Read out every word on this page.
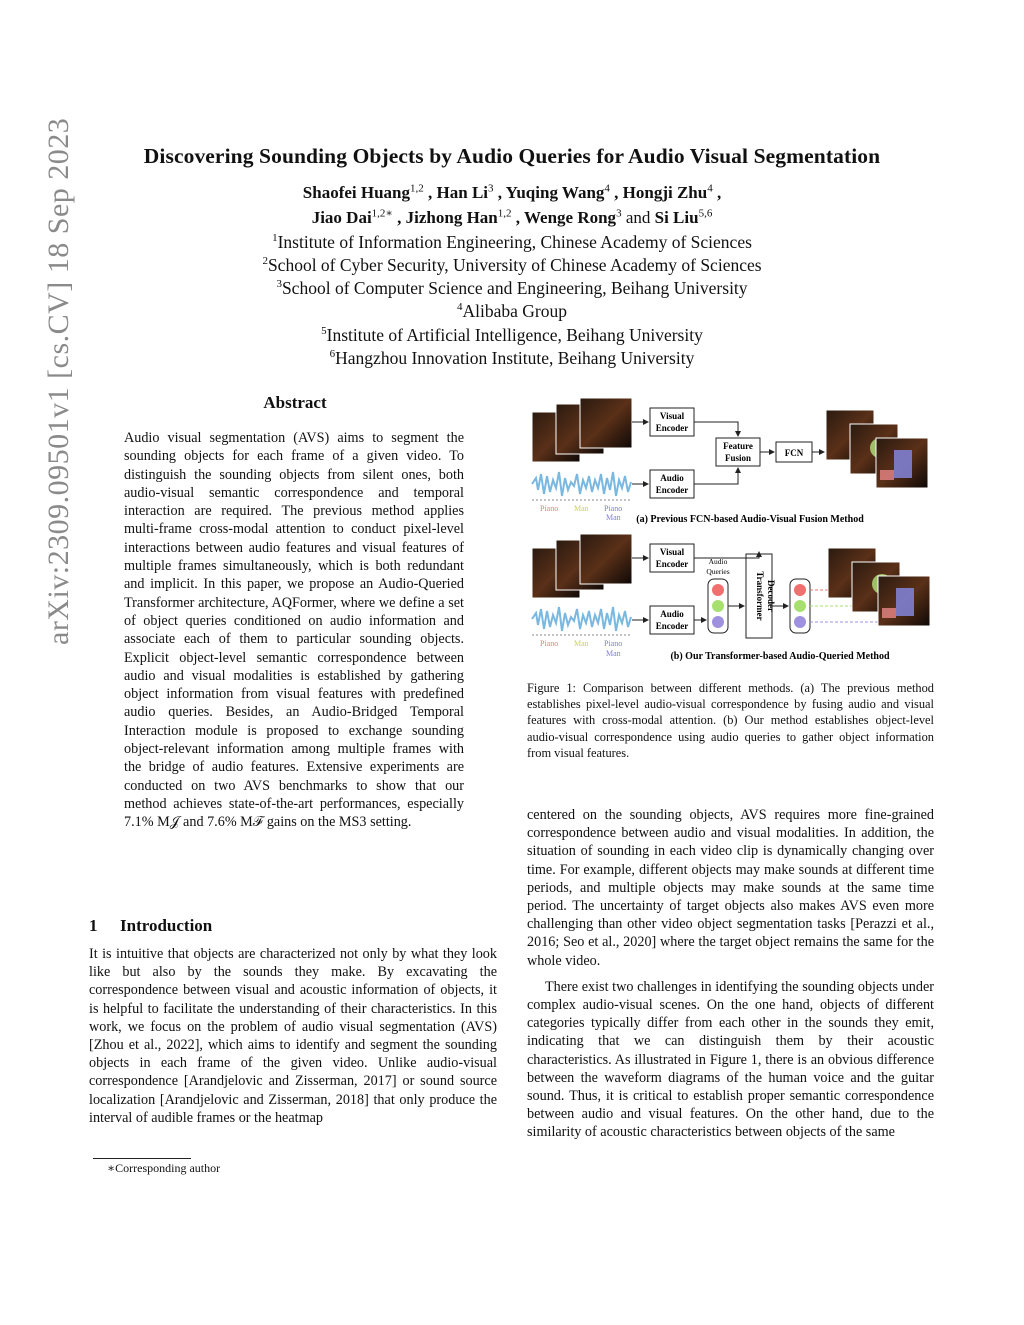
arXiv:2309.09501v1 [cs.CV] 18 Sep 2023	Discovering Sounding Objects by Audio Queries for Audio Visual Segmentation
Shaofei Huang$^{1,2}$ , Han Li$^3$ , Yuqing Wang$^4$ , Hongji Zhu$^4$ ,
Jiao Dai$^{1,2∗}$ , Jizhong Han$^{1,2}$ , Wenge Rong$^3$ and Si Liu$^{5,6}$
$^1$Institute of Information Engineering, Chinese Academy of Sciences
$^2$School of Cyber Security, University of Chinese Academy of Sciences
$^3$School of Computer Science and Engineering, Beihang University
$^4$Alibaba Group
$^5$Institute of Artificial Intelligence, Beihang University
$^6$Hangzhou Innovation Institute, Beihang University
Abstract
Audio visual segmentation (AVS) aims to segment the sounding objects for each frame of a given video. To distinguish the sounding objects from silent ones, both audio-visual semantic correspondence and temporal interaction are required. The previous method applies multi-frame cross-modal attention to conduct pixel-level interactions between audio features and visual features of multiple frames simultaneously, which is both redundant and implicit. In this paper, we propose an Audio-Queried Transformer architecture, AQFormer, where we define a set of object queries conditioned on audio information and associate each of them to particular sounding objects. Explicit object-level semantic correspondence between audio and visual modalities is established by gathering object information from visual features with predefined audio queries. Besides, an Audio-Bridged Temporal Interaction module is proposed to exchange sounding object-relevant information among multiple frames with the bridge of audio features. Extensive experiments are conducted on two AVS benchmarks to show that our method achieves state-of-the-art performances, especially 7.1% M𝒥 and 7.6% Mℱ gains on the MS3 setting.
1 Introduction
It is intuitive that objects are characterized not only by what they look like but also by the sounds they make. By excavating the correspondence between visual and acoustic information of objects, it is helpful to facilitate the understanding of their characteristics. In this work, we focus on the problem of audio visual segmentation (AVS) [Zhou et al., 2022], which aims to identify and segment the sounding objects in each frame of the given video. Unlike audio-visual correspondence [Arandjelovic and Zisserman, 2017] or sound source localization [Arandjelovic and Zisserman, 2018] that only produce the interval of audible frames or the heatmap
∗Corresponding author
Piano Man Piano
Man
Visual
Encoder
Audio
Encoder
Feature
Fusion	FCN
(a) Previous FCN-based Audio-Visual Fusion Method
Piano Man Piano
Man
Visual
Encoder
Audio
Encoder
Audio
Queries	Transformer Decoder
(b) Our Transformer-based Audio-Queried Method
Figure 1: Comparison between different methods. (a) The previous method establishes pixel-level audio-visual correspondence by fusing audio and visual features with cross-modal attention. (b) Our method establishes object-level audio-visual correspondence using audio queries to gather object information from visual features.

centered on the sounding objects, AVS requires more fine-grained correspondence between audio and visual modalities. In addition, the situation of sounding in each video clip is dynamically changing over time. For example, different objects may make sounds at different time periods, and multiple objects may make sounds at the same time period. The uncertainty of target objects also makes AVS even more challenging than other video object segmentation tasks [Perazzi et al., 2016; Seo et al., 2020] where the target object remains the same for the whole video.

There exist two challenges in identifying the sounding objects under complex audio-visual scenes. On the one hand, objects of different categories typically differ from each other in the sounds they emit, indicating that we can distinguish them by their acoustic characteristics. As illustrated in Figure 1, there is an obvious difference between the waveform diagrams of the human voice and the guitar sound. Thus, it is critical to establish proper semantic correspondence between audio and visual features. On the other hand, due to the similarity of acoustic characteristics between objects of the same
